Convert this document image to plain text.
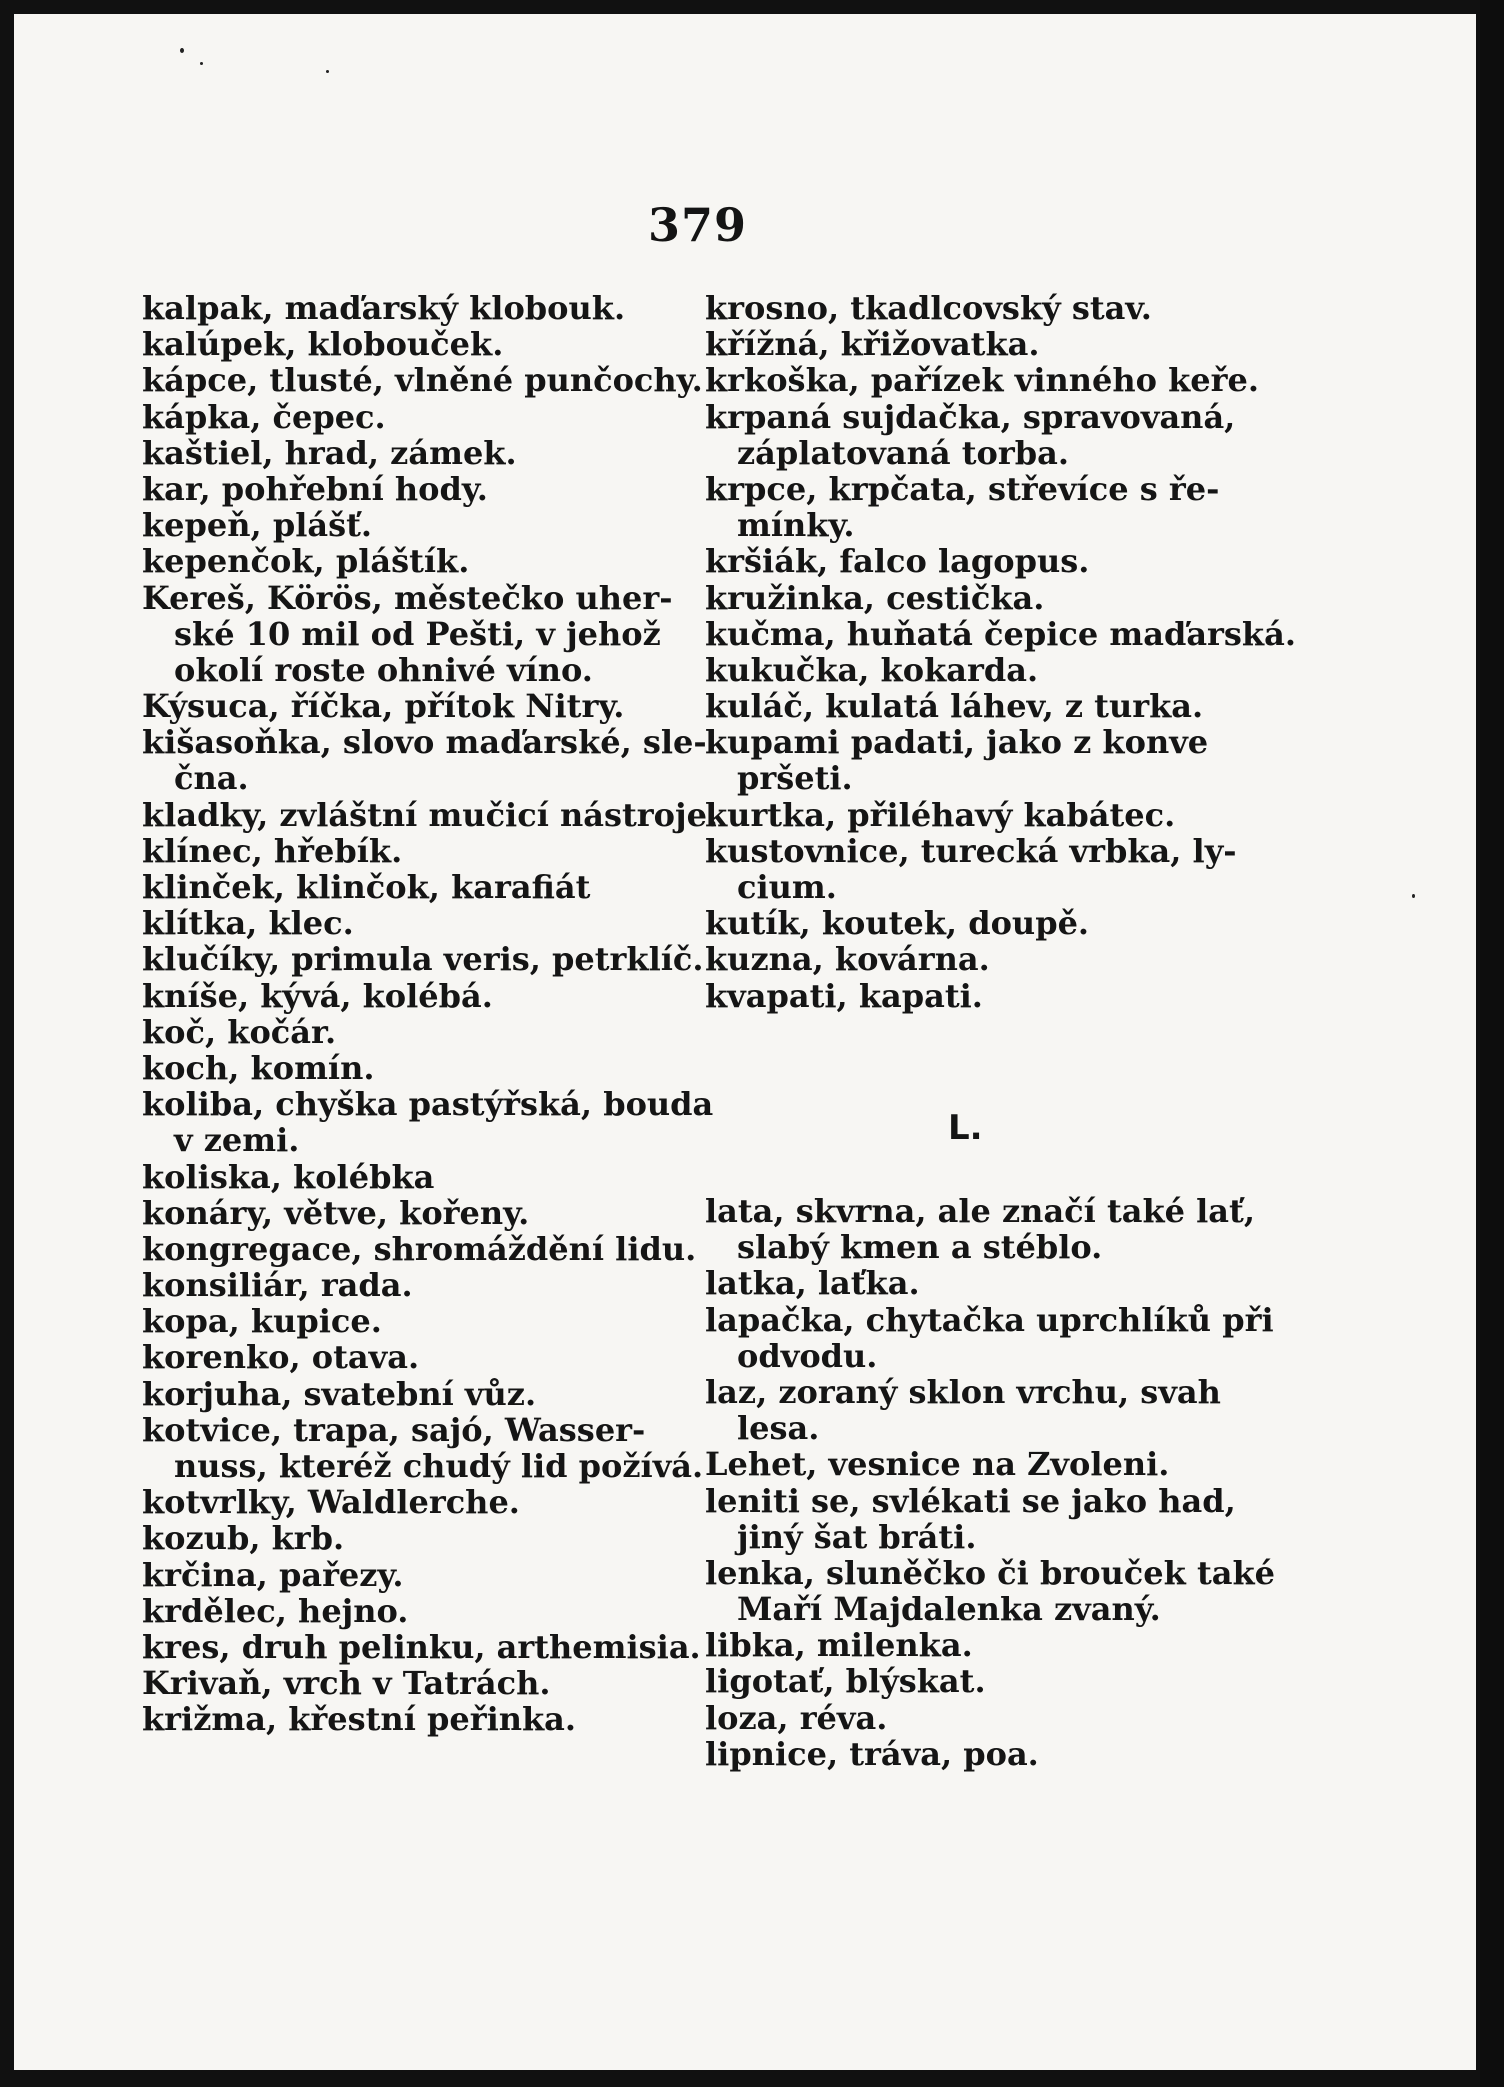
379
kalpak, maďarský klobouk.
kalúpek, klobouček.
kápce, tlusté, vlněné punčochy.
kápka, čepec.
kaštiel, hrad, zámek.
kar, pohřební hody.
kepeň, plášť.
kepenčok, pláštík.
Kereš, Körös, městečko uher-
ské 10 mil od Pešti, v jehož
okolí roste ohnivé víno.
Kýsuca, říčka, přítok Nitry.
kišasoňka, slovo maďarské, sle-
čna.
kladky, zvláštní mučicí nástroje.
klínec, hřebík.
klinček, klinčok, karafiát
klítka, klec.
klučíky, primula veris, petrklíč.
kníše, kývá, kolébá.
koč, kočár.
koch, komín.
koliba, chyška pastýřská, bouda
v zemi.
koliska, kolébka
konáry, větve, kořeny.
kongregace, shromáždění lidu.
konsiliár, rada.
kopa, kupice.
korenko, otava.
korjuha, svatební vůz.
kotvice, trapa, sajó, Wasser-
nuss, kteréž chudý lid požívá.
kotvrlky, Waldlerche.
kozub, krb.
krčina, pařezy.
krdělec, hejno.
kres, druh pelinku, arthemisia.
Krivaň, vrch v Tatrách.
križma, křestní peřinka.
krosno, tkadlcovský stav.
křížná, křižovatka.
krkoška, pařízek vinného keře.
krpaná sujdačka, spravovaná,
záplatovaná torba.
krpce, krpčata, střevíce s ře-
mínky.
kršiák, falco lagopus.
kružinka, cestička.
kučma, huňatá čepice maďarská.
kukučka, kokarda.
kuláč, kulatá láhev, z turka.
kupami padati, jako z konve
pršeti.
kurtka, přiléhavý kabátec.
kustovnice, turecká vrbka, ly-
cium.
kutík, koutek, doupě.
kuzna, kovárna.
kvapati, kapati.
L.
lata, skvrna, ale značí také lať,
slabý kmen a stéblo.
latka, laťka.
lapačka, chytačka uprchlíků při
odvodu.
laz, zoraný sklon vrchu, svah
lesa.
Lehet, vesnice na Zvoleni.
leniti se, svlékati se jako had,
jiný šat bráti.
lenka, sluněčko či brouček také
Maří Majdalenka zvaný.
libka, milenka.
ligotať, blýskat.
loza, réva.
lipnice, tráva, poa.
